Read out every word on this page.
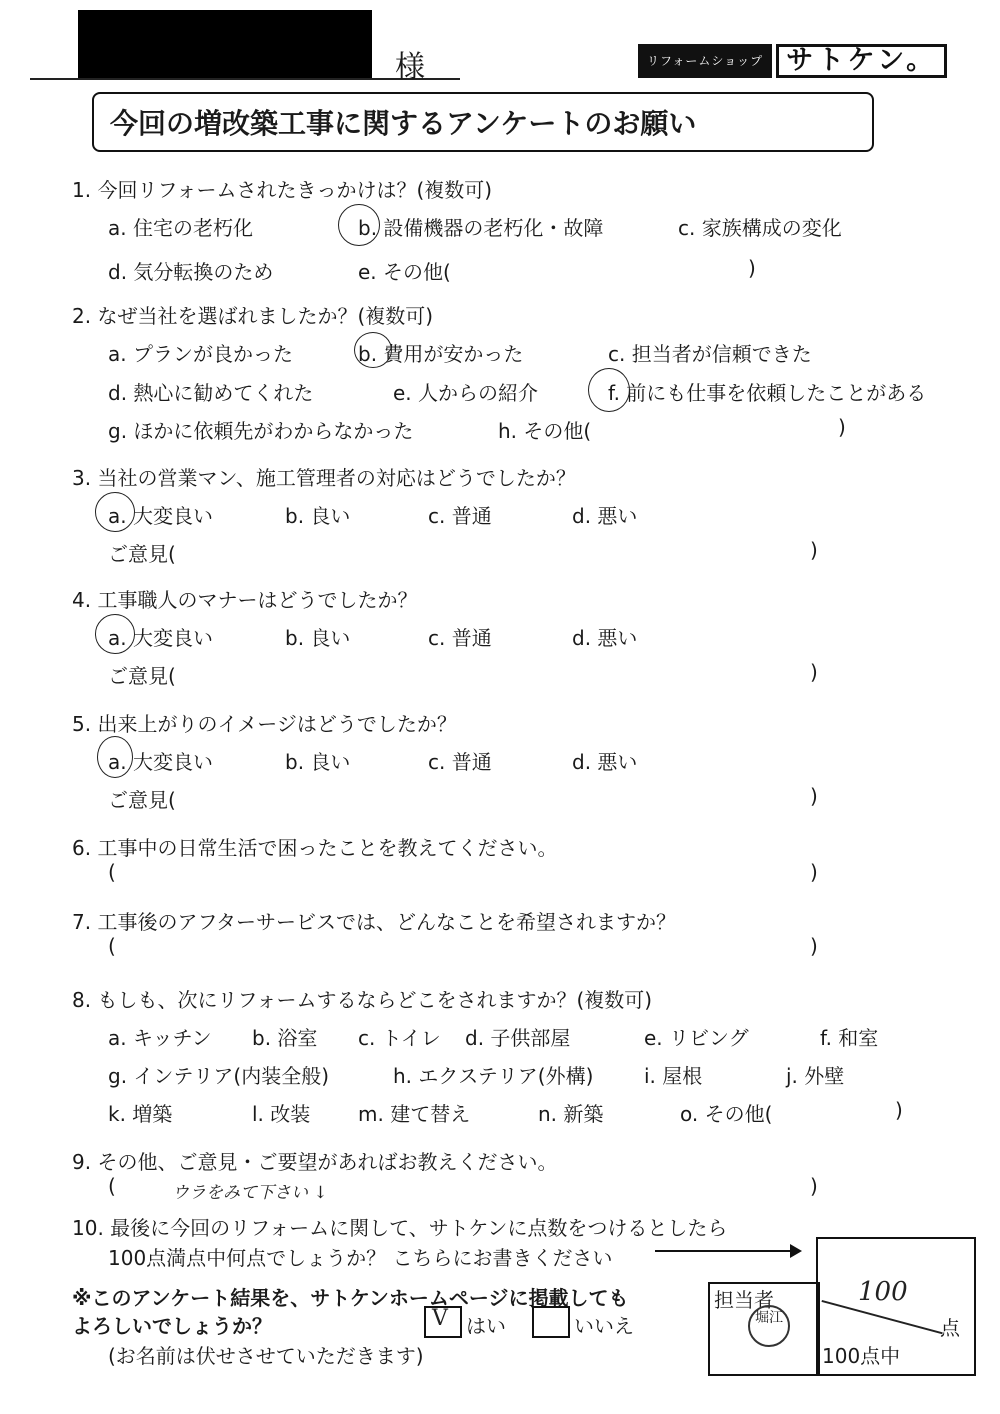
様	リフォームショップ サトケン。
今回の増改築工事に関するアンケートのお願い
1. 今回リフォームされたきっかけは？(複数可)
a. 住宅の老朽化	b. 設備機器の老朽化・故障	c. 家族構成の変化
d. 気分転換のため	e. その他(	)
2. なぜ当社を選ばれましたか？(複数可)
a. プランが良かった	b. 費用が安かった	c. 担当者が信頼できた
d. 熱心に勧めてくれた	e. 人からの紹介	f. 前にも仕事を依頼したことがある
g. ほかに依頼先がわからなかった	h. その他(	)
3. 当社の営業マン、施工管理者の対応はどうでしたか？
a. 大変良い	b. 良い	c. 普通	d. 悪い
ご意見(	)
4. 工事職人のマナーはどうでしたか？
a. 大変良い	b. 良い	c. 普通	d. 悪い
ご意見(	)
5. 出来上がりのイメージはどうでしたか？
a. 大変良い	b. 良い	c. 普通	d. 悪い
ご意見(	)
6. 工事中の日常生活で困ったことを教えてください。
(	)
7. 工事後のアフターサービスでは、どんなことを希望されますか？
(	)
8. もしも、次にリフォームするならどこをされますか？(複数可)
a. キッチン b. 浴室 c. トイレ d. 子供部屋	e. リビング	f. 和室
g. インテリア(内装全般)	h. エクステリア(外構)	i. 屋根	j. 外壁
k. 増築	l. 改装 m. 建て替え	n. 新築	o. その他(	)
9. その他、ご意見・ご要望があればお教えください。
(	ウラをみて下さい ↓	)
10. 最後に今回のリフォームに関して、サトケンに点数をつけるとしたら
100点満点中何点でしょうか？ こちらにお書きください
100
点
100点中
担当者
堀江
※このアンケート結果を、サトケンホームページに掲載しても
よろしいでしょうか？	V はい	いいえ
(お名前は伏せさせていただきます)
